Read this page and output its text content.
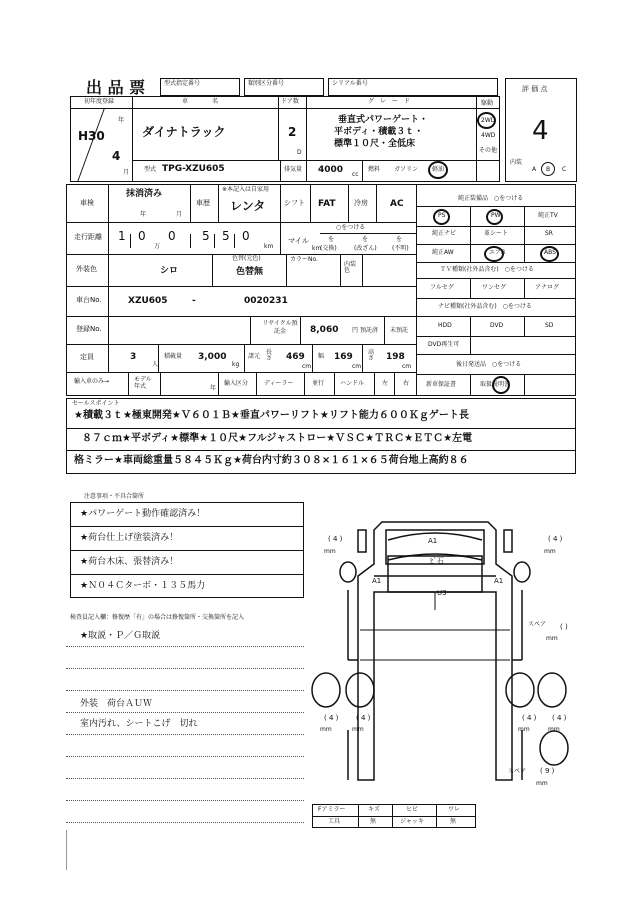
出 品 票	型式指定番号	類別区分番号	シリアル番号
評 価 点
4
初年度登録
H30
年
4
月
車　　　　名
ダイナトラック
ドア数
2
D
グ　レ　ー　ド
垂直式パワーゲート・
平ボディ・積載３ｔ・
標準１０尺・全低床
駆動
2WD
4WD
その他
型式 TPG-XZU605	排気量 4000 cc
燃料 ガソリン 軽油
内装
A B C
車検
抹消済み
年	月
車歴
※本記入は自家用
レンタ	シフト FAT	冷房 AC
走行距離 1 0
万
0 5 5 0
km
マイル
km
○をつける
を	を	を
(交換)	(改ざん)	(不明)
外装色	シロ
色替(元色)
色替無
カラーNo.
内装色
車台No.	XZU605	-	0020231
登録No.
リサイクル預託金	8,060 円 預託済 未預託
定員	3
人
積載量 3,000
kg
諸元
長さ 469
cm
幅 169
cm
高さ 198
cm
輸入車のみ→	モデル年式	年
輸入区分	ディーラー	並行	ハンドル	左 右
純正装備品　○をつける
PS	PW	純正TV
純正ナビ	革シート	SR
純正AW	エアB	ABS
ＴＶ種類(社外品含む)　○をつける
フルセグ	ワンセグ	アナログ
ナビ種類(社外品含む)　○をつける
HDD	DVD	SD
DVD再生可
後日発送品　○をつける
新車保証書	取扱説明書
セールスポイント
★積載３ｔ★極東開発★Ｖ６０１Ｂ★垂直パワーリフト★リフト能力６００Ｋｇゲート長
８７ｃｍ★平ボディ★標準★１０尺★フルジャストロー★ＶＳＣ★ＴＲＣ★ＥＴＣ★左電
格ミラー★車両総重量５８４５Ｋｇ★荷台内寸約３０８×１６１×６５荷台地上高約８６
注意事項・不具合箇所
★パワーゲート動作確認済み！
★荷台仕上げ塗装済み！
★荷台木床、張替済み！
★Ｎ０４Ｃターボ・１３５馬力
検査員記入欄：修復歴「有」の場合は修復箇所・交換箇所を記入
★取説・Ｐ／Ｇ取説
外装　荷台ＡＵＷ
室内汚れ、シートこげ　切れ
A1
ﾋﾞ石
A1	A1
U3
( 4 )
mm
( 4 )
mm
( 4 )
mm
( 4 )
mm
( 4 )
mm
( 4 )
mm
スペア ( )
mm
スペア ( 9 )
mm
Fアミラー	キズ	ヒビ	ワレ
工具	無	ジャッキ	無
